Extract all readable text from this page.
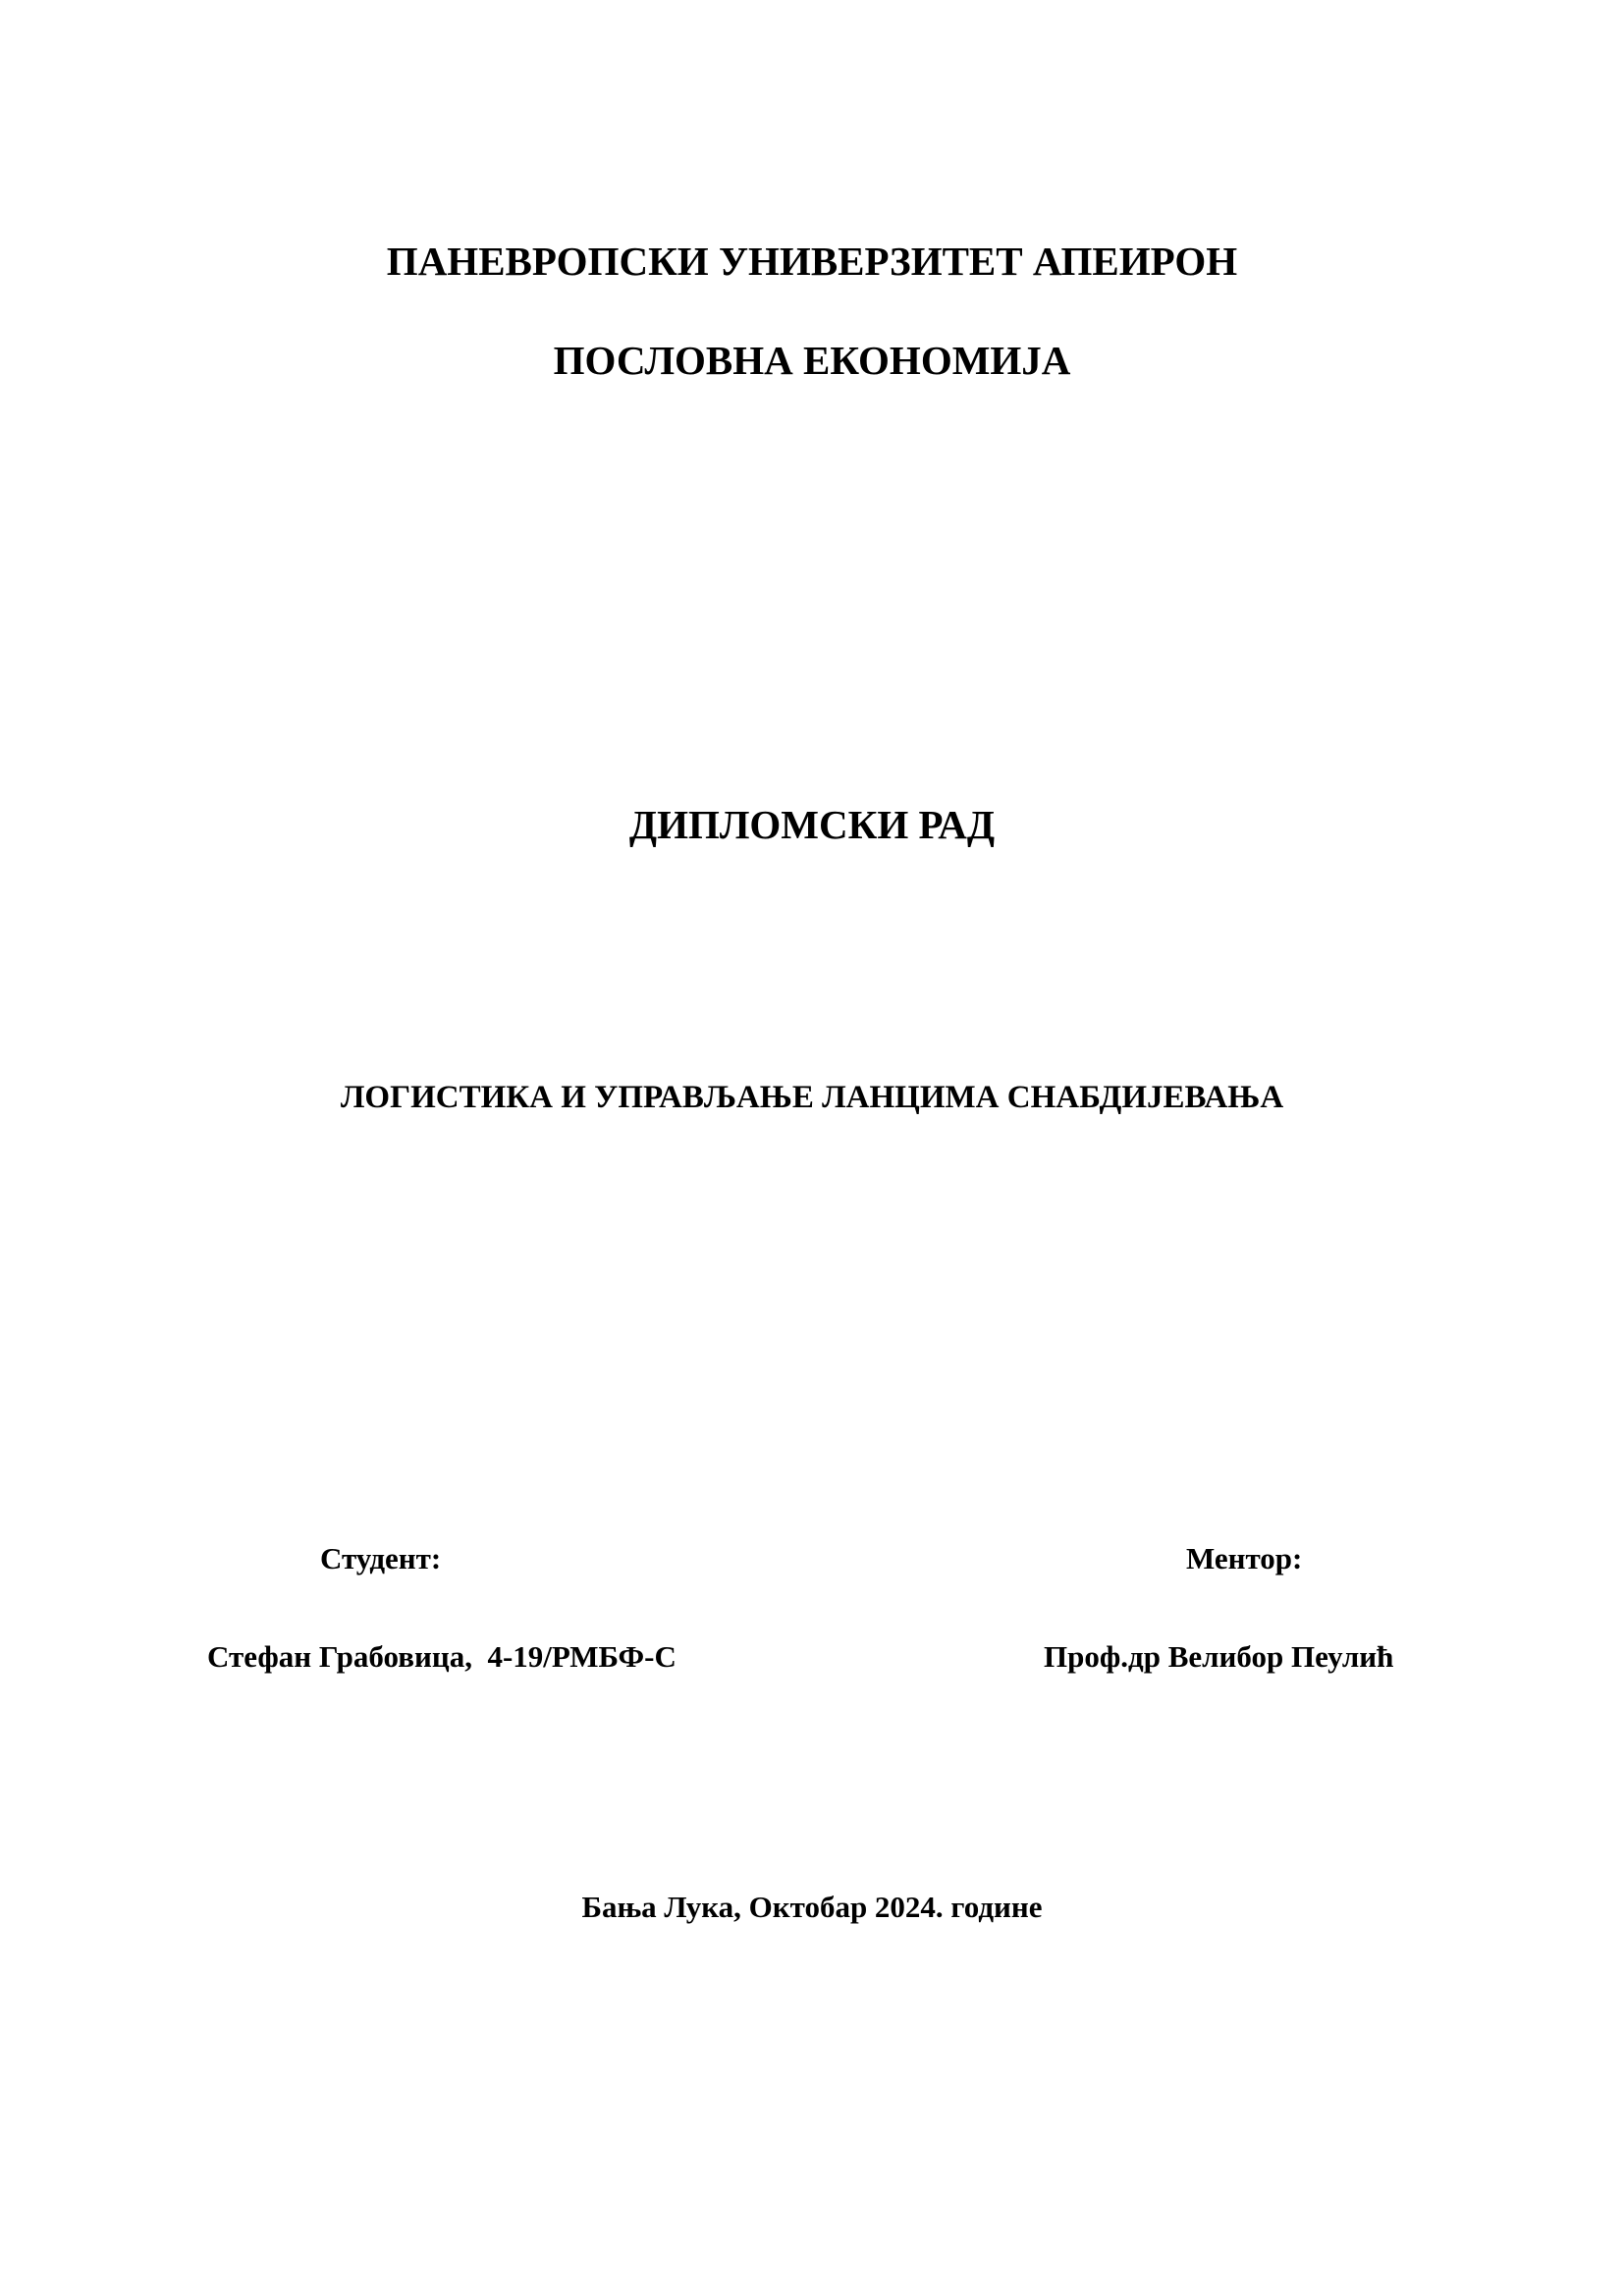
ПАНЕВРОПСКИ УНИВЕРЗИТЕТ АПЕИРОН
ПОСЛОВНА ЕКОНОМИЈА
ДИПЛОМСКИ РАД
ЛОГИСТИКА И УПРАВЉАЊЕ ЛАНЦИМА СНАБДИЈЕВАЊА
Студент:	Ментор:
Стефан Грабовица,  4-19/РМБФ-С	Проф.др Велибор Пеулић
Бања Лука, Октобар 2024. године
